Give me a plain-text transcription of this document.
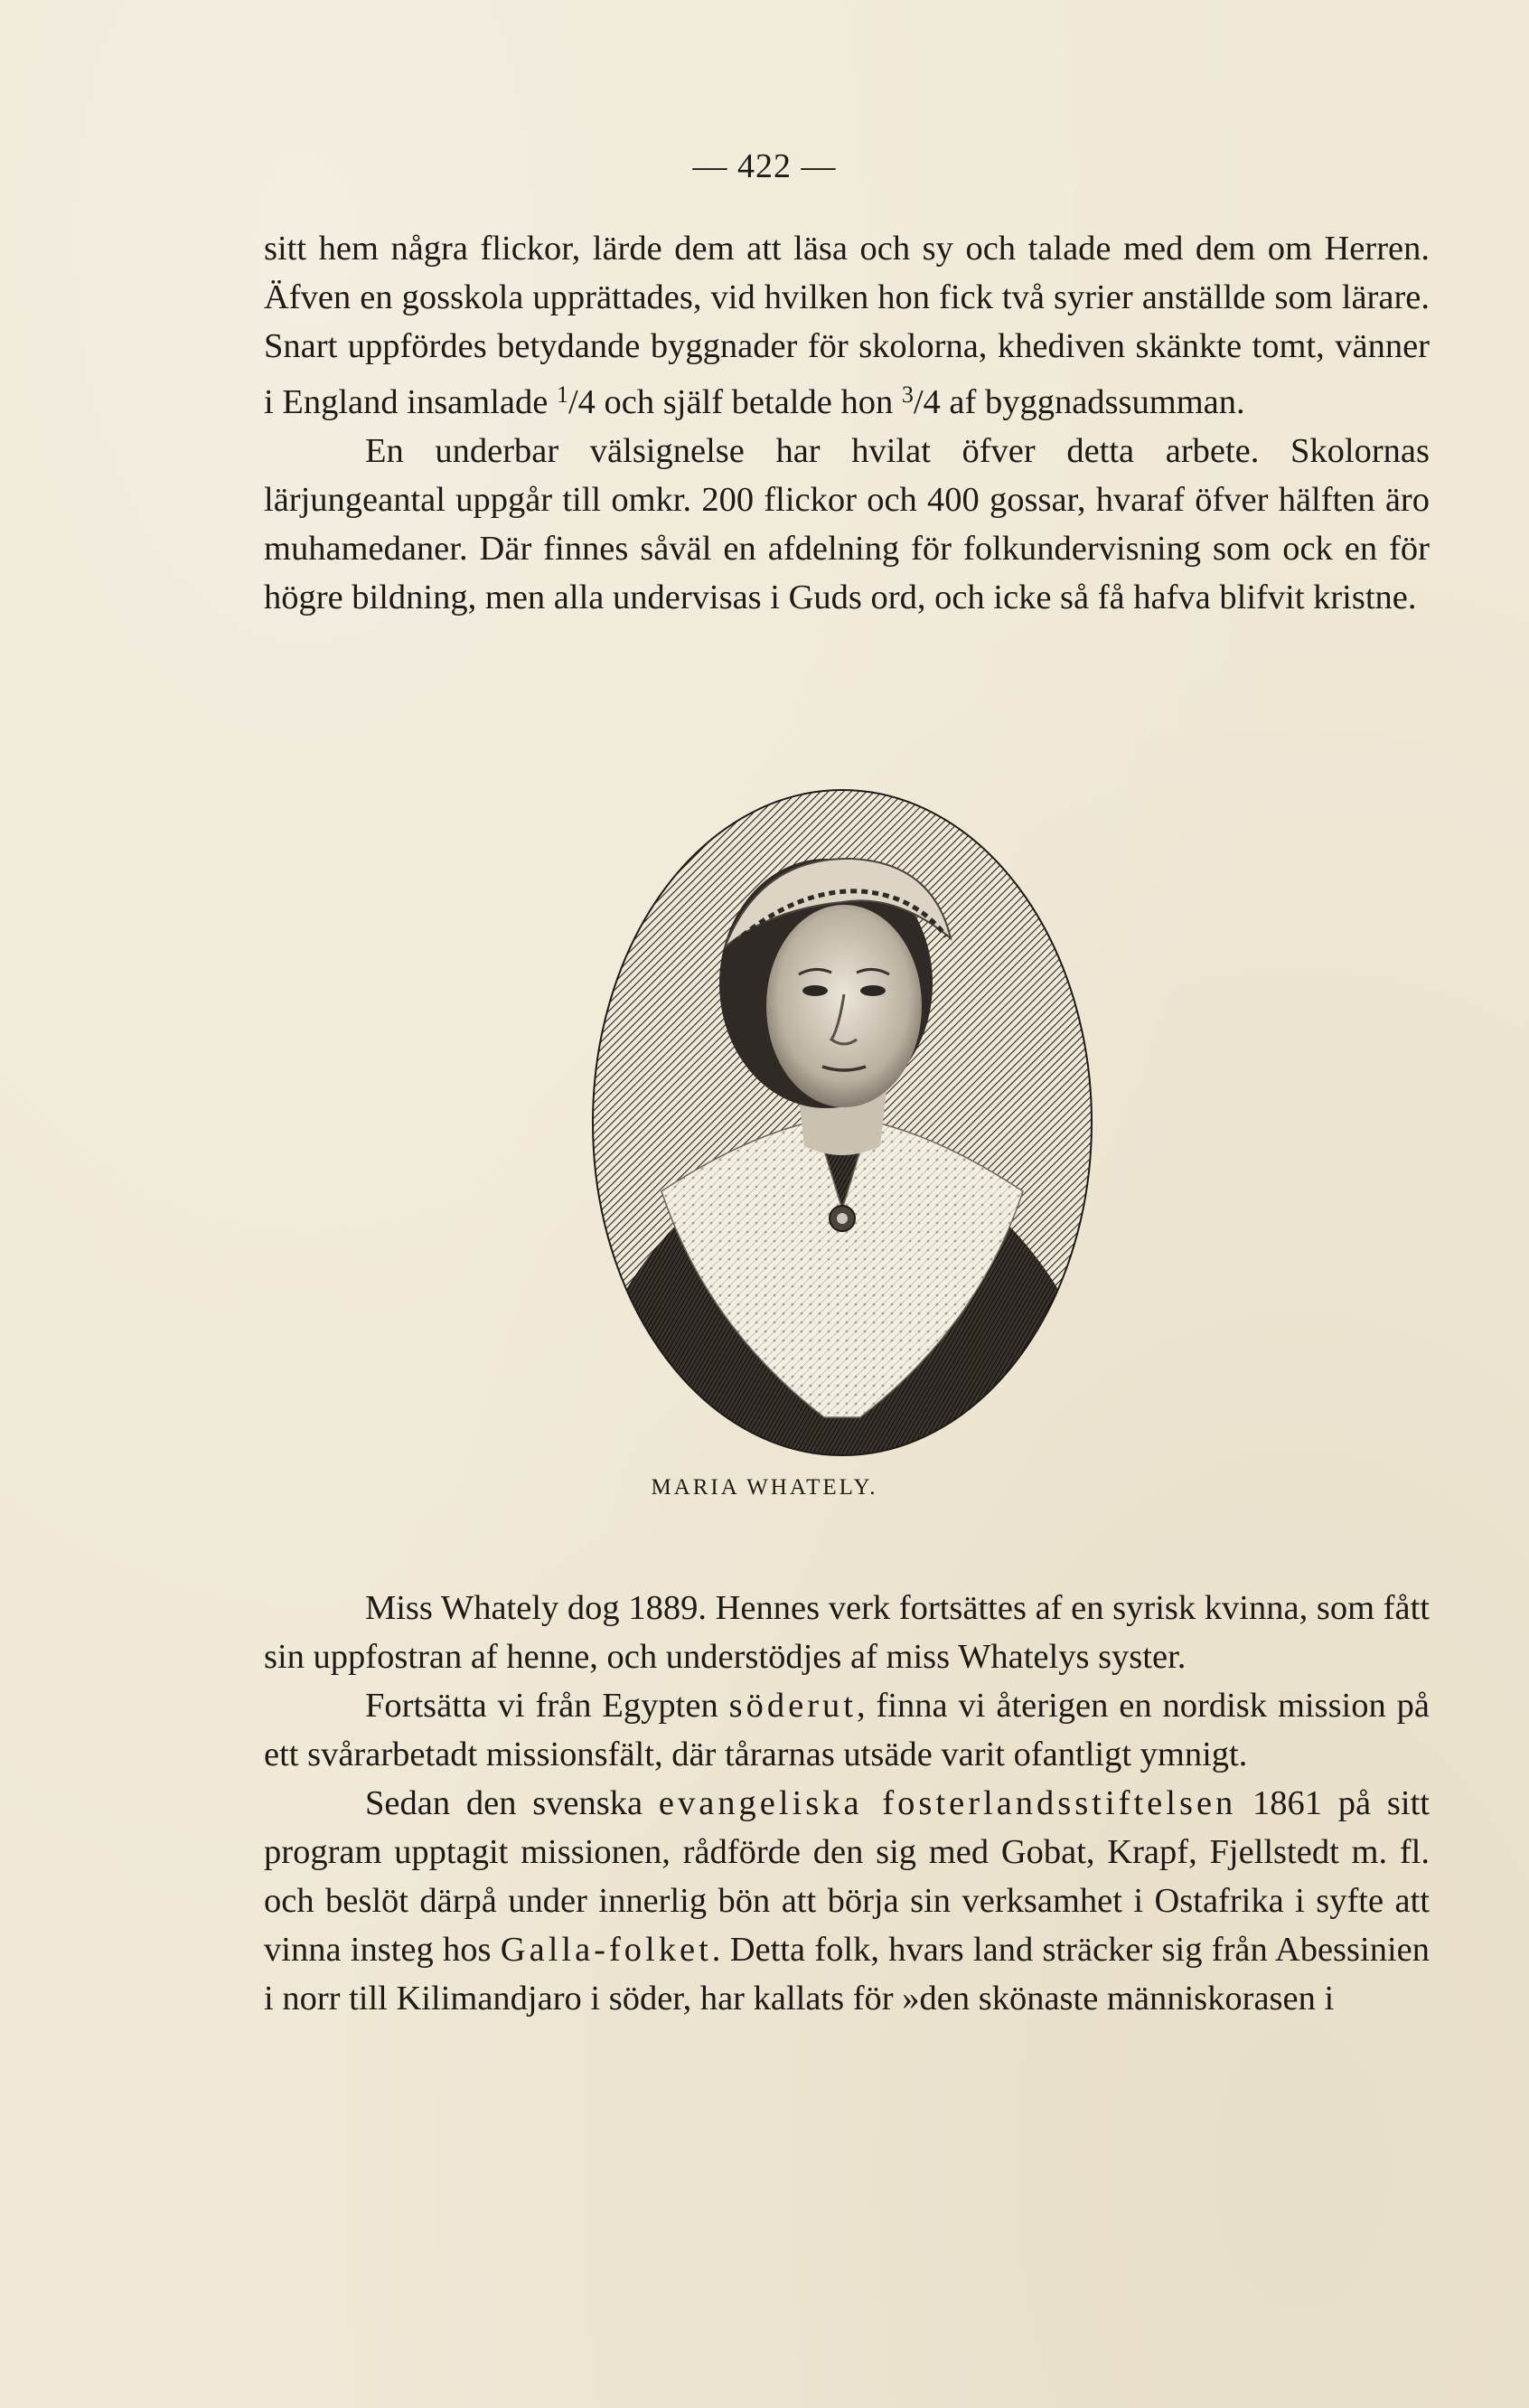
— 422 —

sitt hem några flickor, lärde dem att läsa och sy och talade med dem om Herren. Äfven en gosskola upprättades, vid hvilken hon fick två syrier anställde som lärare. Snart uppfördes betydande byggnader för skolorna, khediven skänkte tomt, vänner i England insamlade $^1$/4 och själf betalde hon $^3$/4 af byggnadssumman.

En underbar välsignelse har hvilat öfver detta arbete. Skolornas lärjungeantal uppgår till omkr. 200 flickor och 400 gossar, hvaraf öfver hälften äro muhamedaner. Där finnes såväl en afdelning för folkundervisning som ock en för högre bildning, men alla undervisas i Guds ord, och icke så få hafva blifvit kristne.

MARIA WHATELY.

Miss Whately dog 1889. Hennes verk fortsättes af en syrisk kvinna, som fått sin uppfostran af henne, och understödjes af miss Whatelys syster.

Fortsätta vi från Egypten söderut, finna vi återigen en nordisk mission på ett svårarbetadt missionsfält, där tårarnas utsäde varit ofantligt ymnigt.

Sedan den svenska evangeliska fosterlandsstiftelsen 1861 på sitt program upptagit missionen, rådförde den sig med Gobat, Krapf, Fjellstedt m. fl. och beslöt därpå under innerlig bön att börja sin verksamhet i Ostafrika i syfte att vinna insteg hos Galla-folket. Detta folk, hvars land sträcker sig från Abessinien i norr till Kilimandjaro i söder, har kallats för »den skönaste människorasen i
